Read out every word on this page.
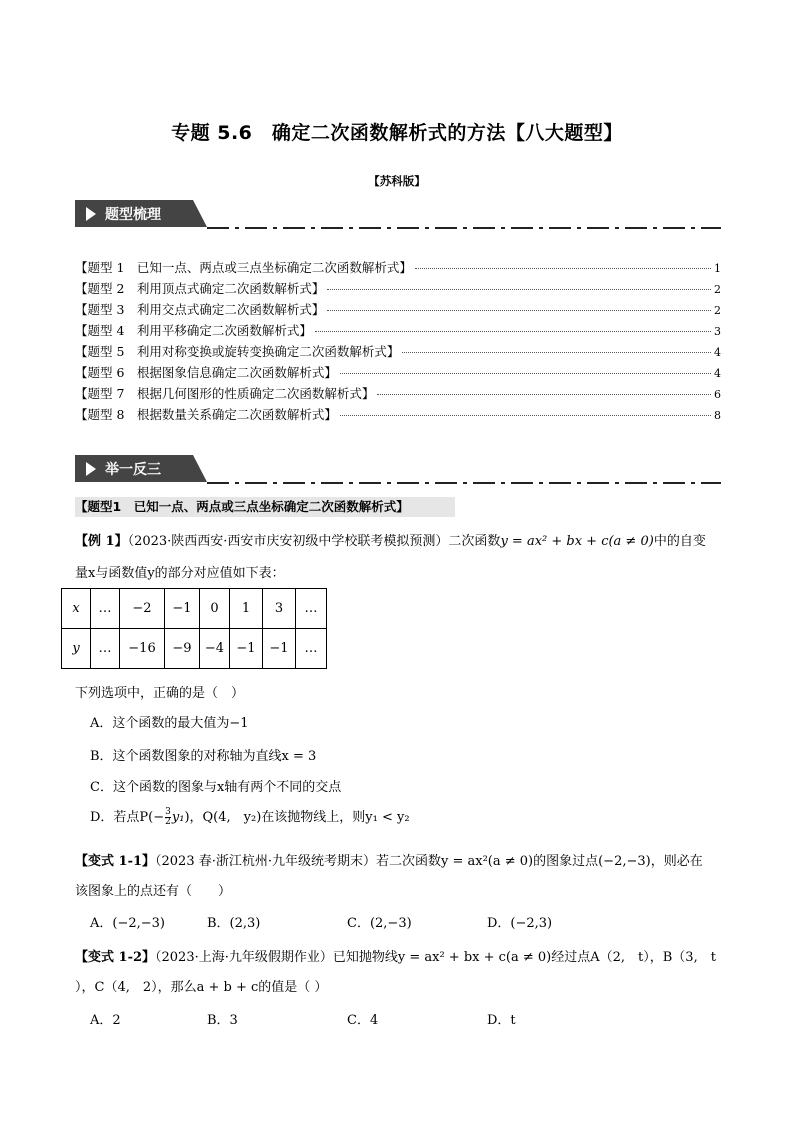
专题 5.6　确定二次函数解析式的方法【八大题型】
【苏科版】
题型梳理
【题型 1　已知一点、两点或三点坐标确定二次函数解析式】	1
【题型 2　利用顶点式确定二次函数解析式】	2
【题型 3　利用交点式确定二次函数解析式】	2
【题型 4　利用平移确定二次函数解析式】	3
【题型 5　利用对称变换或旋转变换确定二次函数解析式】	4
【题型 6　根据图象信息确定二次函数解析式】	4
【题型 7　根据几何图形的性质确定二次函数解析式】	6
【题型 8　根据数量关系确定二次函数解析式】	8
举一反三
【题型1　已知一点、两点或三点坐标确定二次函数解析式】
【例 1】（2023·陕西西安·西安市庆安初级中学校联考模拟预测）二次函数y = ax² + bx + c(a ≠ 0)中的自变
量x与函数值y的部分对应值如下表：
x	…	−2	−1	0	1	3	…
y	…	−16	−9	−4	−1	−1	…
下列选项中，正确的是（　）
A．这个函数的最大值为−1
B．这个函数图象的对称轴为直线x = 3
C．这个函数的图象与x轴有两个不同的交点
D．若点$P(- \frac{3}{2} y_1)$，Q(4,　y₂)在该抛物线上，则y₁ < y₂
【变式 1-1】（2023 春·浙江杭州·九年级统考期末）若二次函数y = ax²(a ≠ 0)的图象过点(−2,−3)，则必在
该图象上的点还有（　　）
A．(−2,−3)	B．(2,3)	C．(2,−3)	D．(−2,3)
【变式 1-2】（2023·上海·九年级假期作业）已知抛物线y = ax² + bx + c(a ≠ 0)经过点A（2,　t），B（3,　t
），C（4,　2），那么a + b + c的值是（ ）
A．2	B．3	C．4	D．t
